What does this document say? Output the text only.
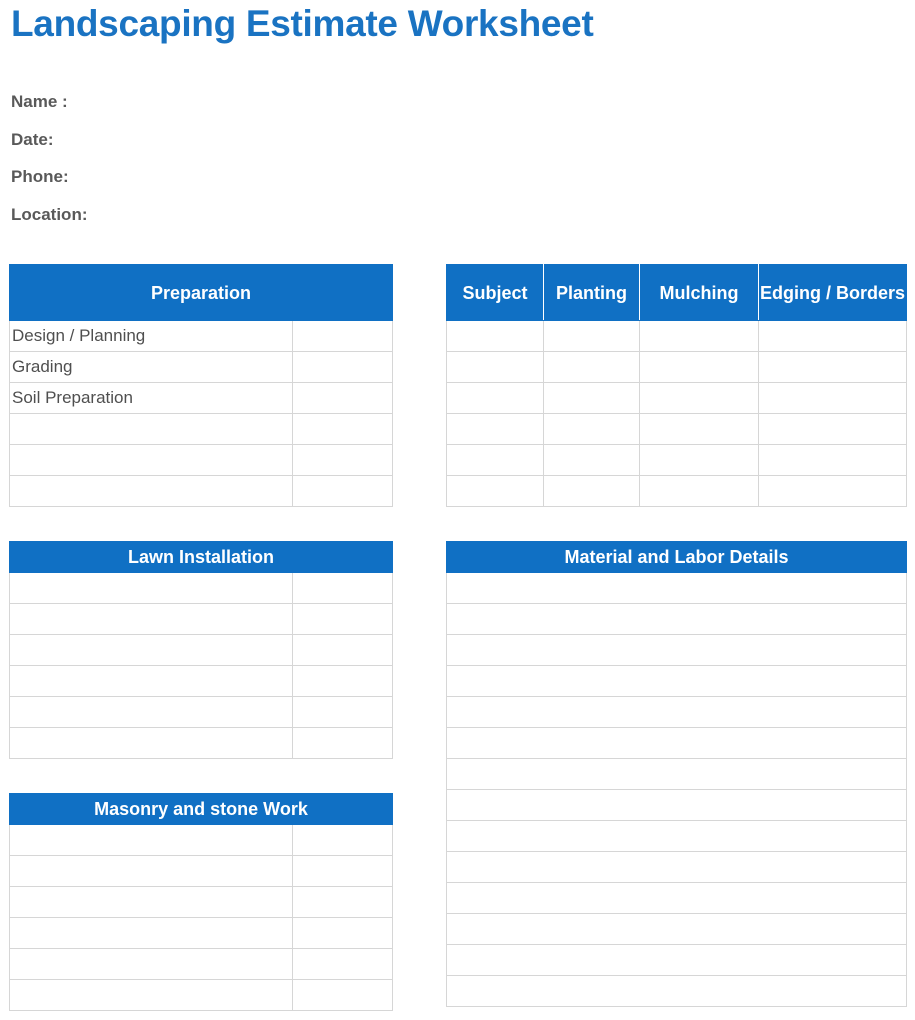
Landscaping Estimate Worksheet
Name :
Date:
Phone:
Location:
Preparation	
Design / Planning	
Grading	
Soil Preparation	

Subject	Planting	Mulching	Edging / Borders

Lawn Installation	

		Material and Labor Details

Masonry and stone Work	
